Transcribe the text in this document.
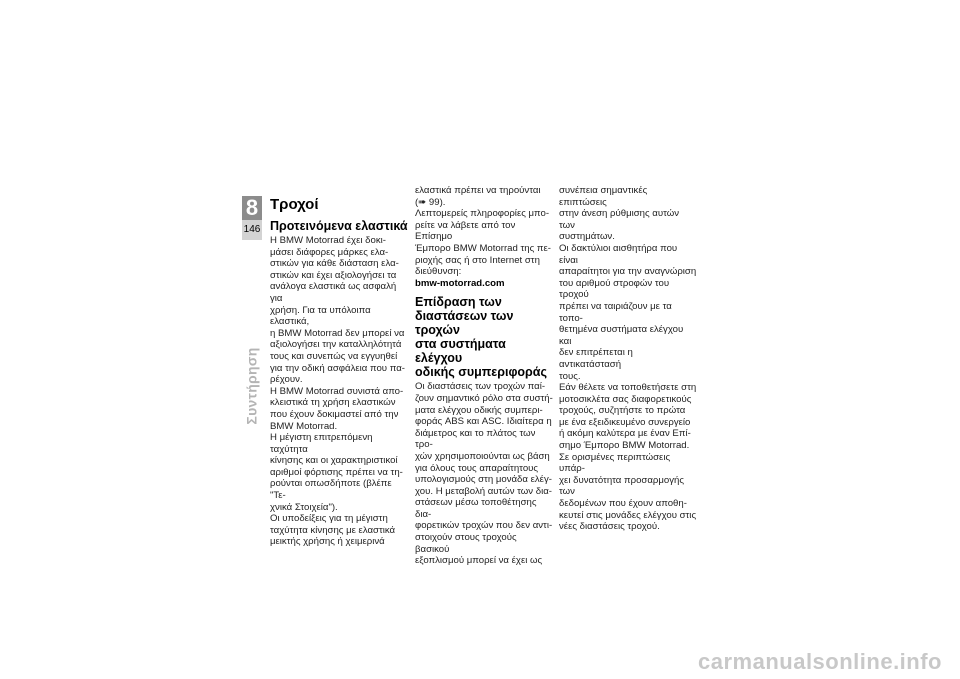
8
146
Συντήρηση
Τροχοί
Προτεινόμενα ελαστικά

Η BMW Motorrad έχει δοκι-
μάσει διάφορες μάρκες ελα-
στικών για κάθε διάσταση ελα-
στικών και έχει αξιολογήσει τα
ανάλογα ελαστικά ως ασφαλή για
χρήση. Για τα υπόλοιπα ελαστικά,
η BMW Motorrad δεν μπορεί να
αξιολογήσει την καταλληλότητά
τους και συνεπώς να εγγυηθεί
για την οδική ασφάλεια που πα-
ρέχουν.

Η BMW Motorrad συνιστά απο-
κλειστικά τη χρήση ελαστικών
που έχουν δοκιμαστεί από την
BMW Motorrad.

Η μέγιστη επιτρεπόμενη ταχύτητα
κίνησης και οι χαρακτηριστικοί
αριθμοί φόρτισης πρέπει να τη-
ρούνται οπωσδήποτε (βλέπε "Τε-
χνικά Στοιχεία").

Οι υποδείξεις για τη μέγιστη
ταχύτητα κίνησης με ελαστικά
μεικτής χρήσης ή χειμερινά

ελαστικά πρέπει να τηρούνται
(➠ 99).

Λεπτομερείς πληροφορίες μπο-
ρείτε να λάβετε από τον Επίσημο
Έμπορο BMW Motorrad της πε-
ριοχής σας ή στο Internet στη
διεύθυνση:

bmw-motorrad.com

Επίδραση των
διαστάσεων των τροχών
στα συστήματα ελέγχου
οδικής συμπεριφοράς

Οι διαστάσεις των τροχών παί-
ζουν σημαντικό ρόλο στα συστή-
ματα ελέγχου οδικής συμπερι-
φοράς ABS και ASC. Ιδιαίτερα η
διάμετρος και το πλάτος των τρο-
χών χρησιμοποιούνται ως βάση
για όλους τους απαραίτητους
υπολογισμούς στη μονάδα ελέγ-
χου. Η μεταβολή αυτών των δια-
στάσεων μέσω τοποθέτησης δια-
φορετικών τροχών που δεν αντι-
στοιχούν στους τροχούς βασικού
εξοπλισμού μπορεί να έχει ως

συνέπεια σημαντικές επιπτώσεις
στην άνεση ρύθμισης αυτών των
συστημάτων.

Οι δακτύλιοι αισθητήρα που είναι
απαραίτητοι για την αναγνώριση
του αριθμού στροφών του τροχού
πρέπει να ταιριάζουν με τα τοπο-
θετημένα συστήματα ελέγχου και
δεν επιτρέπεται η αντικατάστασή
τους.

Εάν θέλετε να τοποθετήσετε στη
μοτοσικλέτα σας διαφορετικούς
τροχούς, συζητήστε το πρώτα
με ένα εξειδικευμένο συνεργείο
ή ακόμη καλύτερα με έναν Επί-
σημο Έμπορο BMW Motorrad.

Σε ορισμένες περιπτώσεις υπάρ-
χει δυνατότητα προσαρμογής των
δεδομένων που έχουν αποθη-
κευτεί στις μονάδες ελέγχου στις
νέες διαστάσεις τροχού.

carmanualsonline.info
